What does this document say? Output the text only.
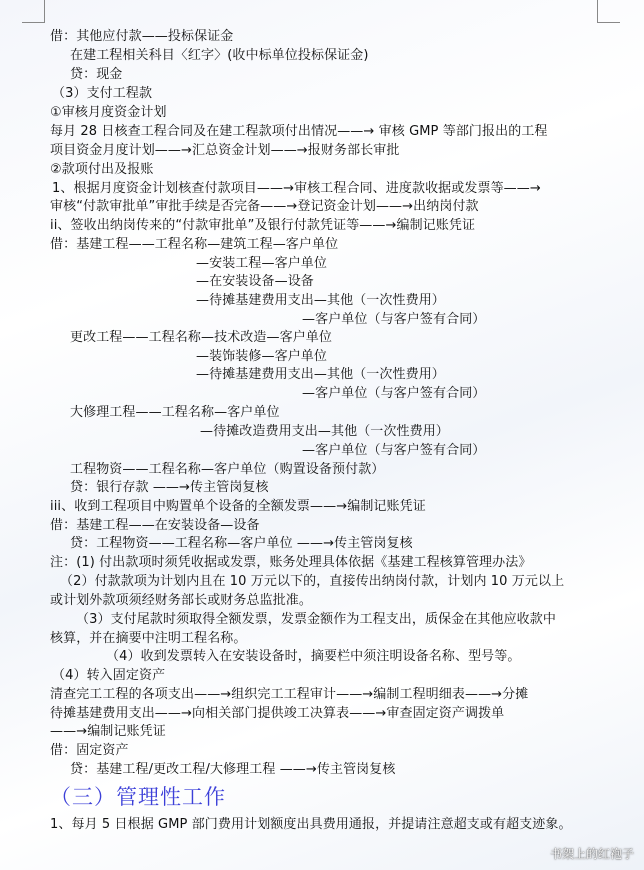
借：其他应付款——投标保证金
在建工程相关科目〈红字〉(收中标单位投标保证金)
贷：现金
（3）支付工程款
①审核月度资金计划
每月 28 日核查工程合同及在建工程款项付出情况——→ 审核 GMP 等部门报出的工程
项目资金月度计划——→汇总资金计划——→报财务部长审批
②款项付出及报账
1、根据月度资金计划核查付款项目——→审核工程合同、进度款收据或发票等——→
审核“付款审批单”审批手续是否完备——→登记资金计划——→出纳岗付款
ii、签收出纳岗传来的“付款审批单”及银行付款凭证等——→编制记账凭证
借：基建工程——工程名称—建筑工程—客户单位
—安装工程—客户单位
—在安装设备—设备
—待摊基建费用支出—其他（一次性费用）
—客户单位（与客户签有合同）
更改工程——工程名称—技术改造—客户单位
—装饰装修—客户单位
—待摊基建费用支出—其他（一次性费用）
—客户单位（与客户签有合同）
大修理工程——工程名称—客户单位
—待摊改造费用支出—其他（一次性费用）
—客户单位（与客户签有合同）
工程物资——工程名称—客户单位（购置设备预付款）
贷：银行存款 ——→传主管岗复核
iii、收到工程项目中购置单个设备的全额发票——→编制记账凭证
借：基建工程——在安装设备—设备
贷：工程物资——工程名称—客户单位 ——→传主管岗复核
注：(1) 付出款项时须凭收据或发票，账务处理具体依据《基建工程核算管理办法》
（2）付款款项为计划内且在 10 万元以下的，直接传出纳岗付款，计划内 10 万元以上
或计划外款项须经财务部长或财务总监批准。
（3）支付尾款时须取得全额发票，发票金额作为工程支出，质保金在其他应收款中
核算，并在摘要中注明工程名称。
（4）收到发票转入在安装设备时，摘要栏中须注明设备名称、型号等。
（4）转入固定资产
清查完工工程的各项支出——→组织完工工程审计——→编制工程明细表——→分摊
待摊基建费用支出——→向相关部门提供竣工决算表——→审查固定资产调拨单
——→编制记账凭证
借：固定资产
贷：基建工程/更改工程/大修理工程 ——→传主管岗复核
（三）管理性工作
1、每月 5 日根据 GMP 部门费用计划额度出具费用通报，并提请注意超支或有超支迹象。
书架上的红袍子
